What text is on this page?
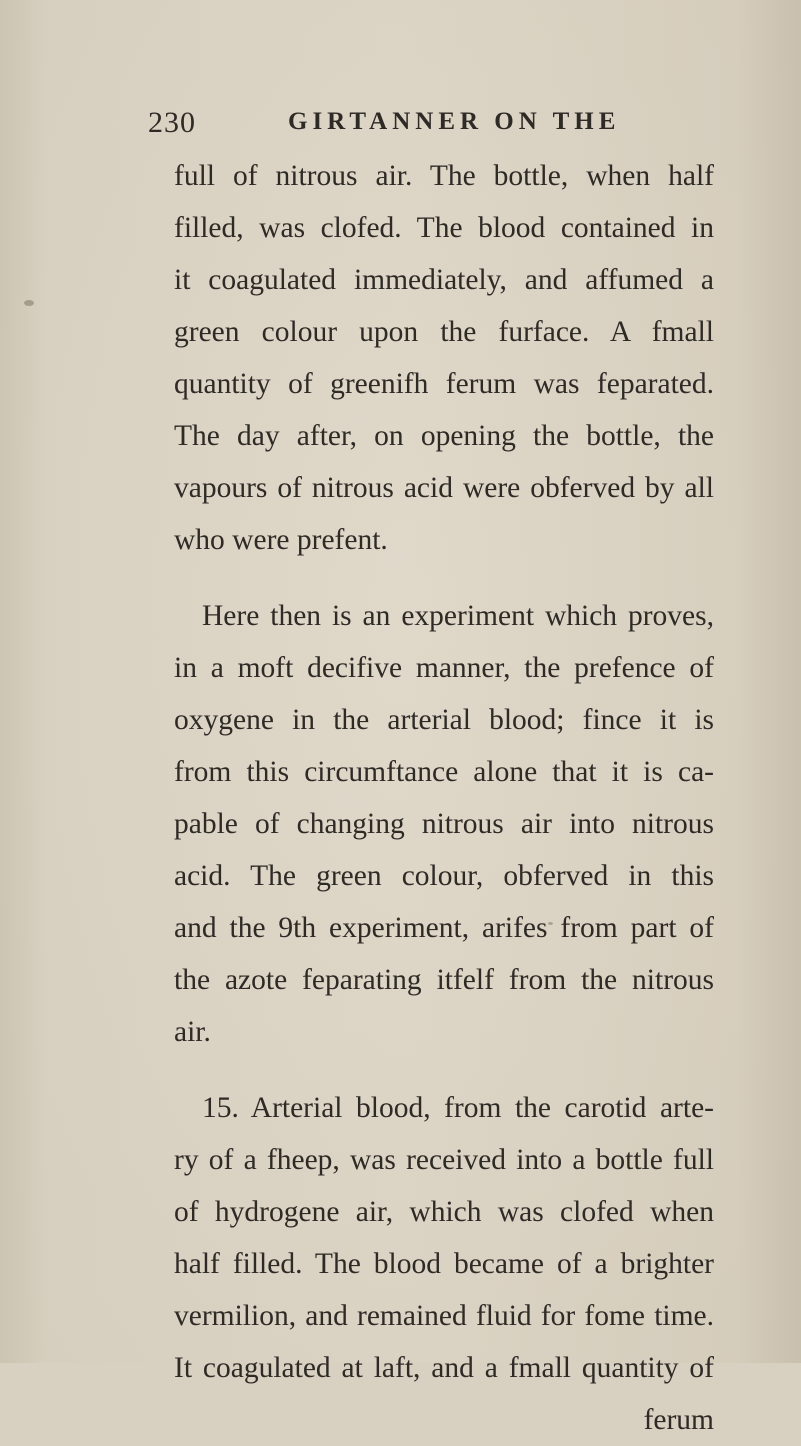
230	GIRTANNER ON THE
full of nitrous air. The bottle, when half
filled, was clofed. The blood contained in
it coagulated immediately, and affumed a
green colour upon the furface. A fmall
quantity of greenifh ferum was feparated.
The day after, on opening the bottle, the
vapours of nitrous acid were obferved by all
who were prefent.
Here then is an experiment which proves,
in a moft decifive manner, the prefence of
oxygene in the arterial blood; fince it is
from this circumftance alone that it is ca-
pable of changing nitrous air into nitrous
acid. The green colour, obferved in this
and the 9th experiment, arifes from part of
the azote feparating itfelf from the nitrous
air.
15. Arterial blood, from the carotid arte-
ry of a fheep, was received into a bottle full
of hydrogene air, which was clofed when
half filled. The blood became of a brighter
vermilion, and remained fluid for fome time.
It coagulated at laft, and a fmall quantity of
ferum
